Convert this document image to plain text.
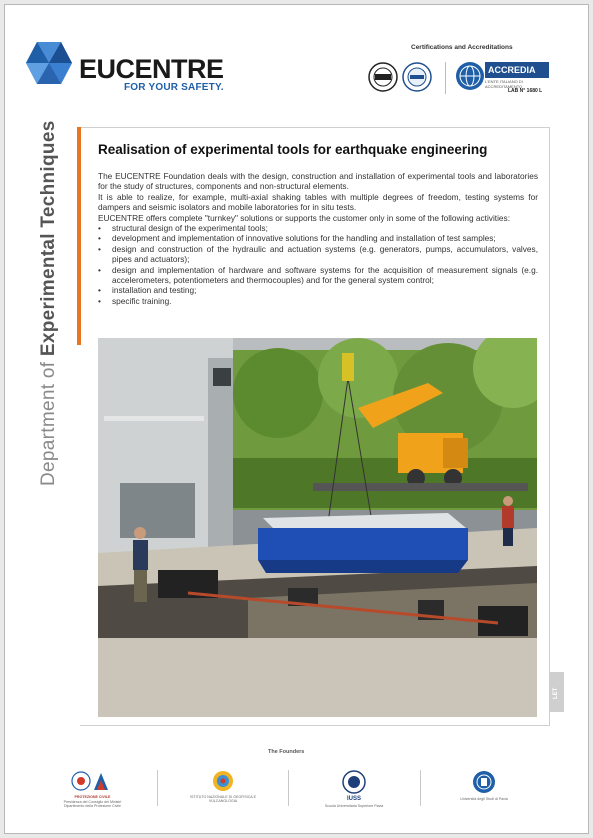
EUCENTRE
FOR YOUR SAFETY.
Certifications and Accreditations
ACCREDIA
L'ENTE ITALIANO DI ACCREDITAMENTO
LAB N° 1680 L
Department of Experimental Techniques	Realisation of experimental tools for earthquake engineering

The EUCENTRE Foundation deals with the design, construction and installation of experimental tools and laboratories for the study of structures, components and non-structural elements.

It is able to realize, for example, multi-axial shaking tables with multiple degrees of freedom, testing systems for dampers and seismic isolators and mobile laboratories for in situ tests.

EUCENTRE offers complete "turnkey" solutions or supports the customer only in some of the following activities:

• structural design of the experimental tools;
• development and implementation of innovative solutions for the handling and installation of test samples;
• design and construction of the hydraulic and actuation systems (e.g. generators, pumps, accumulators, valves, pipes and actuators);
• design and implementation of hardware and software systems for the acquisition of measurement signals (e.g. accelerometers, potentiometers and thermocouples) and for the general system control;
• installation and testing;
• specific training.
LET
The Founders
PROTEZIONE CIVILE
Presidenza del Consiglio dei Ministri Dipartimento della Protezione Civile
ISTITUTO NAZIONALE DI GEOFISICA E VULCANOLOGIA	IUSS
Scuola Universitaria Superiore Pavia
Università degli Studi di Pavia
